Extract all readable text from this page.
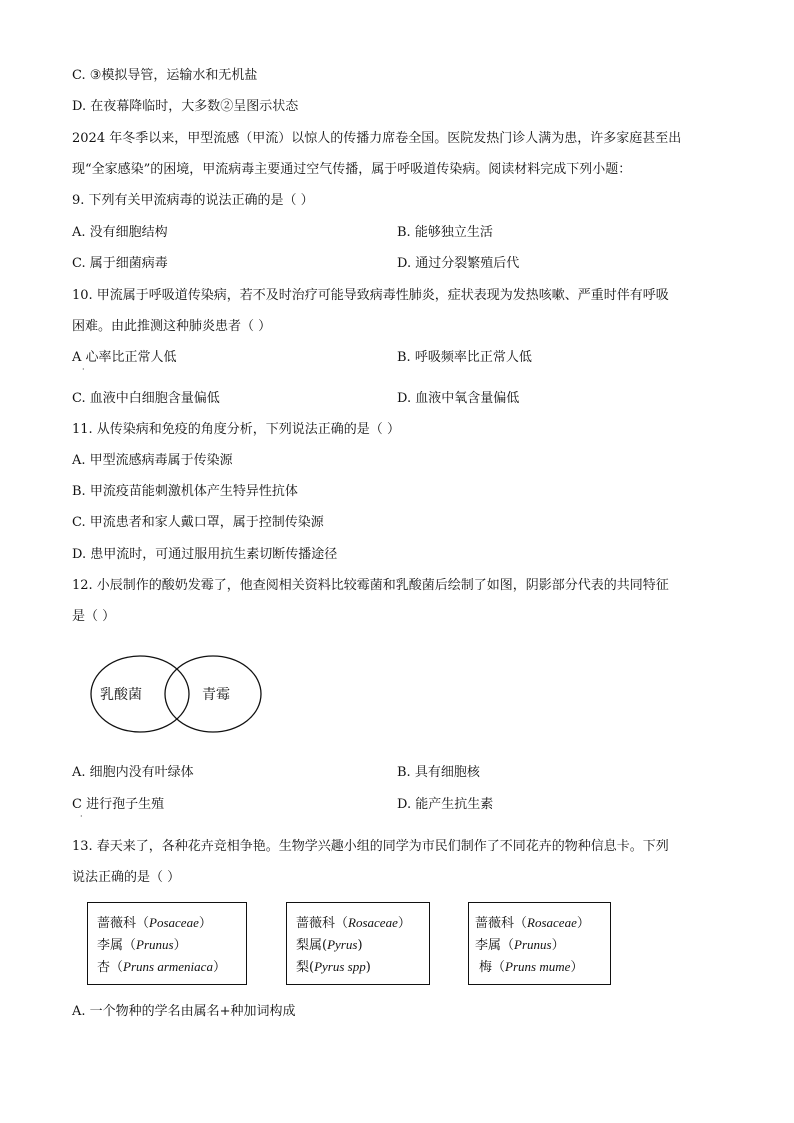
C. ③模拟导管，运输水和无机盐
D. 在夜幕降临时，大多数②呈图示状态
2024 年冬季以来，甲型流感（甲流）以惊人的传播力席卷全国。医院发热门诊人满为患，许多家庭甚至出
现“全家感染”的困境，甲流病毒主要通过空气传播，属于呼吸道传染病。阅读材料完成下列小题：
9. 下列有关甲流病毒的说法正确的是（ ）
A. 没有细胞结构	B. 能够独立生活
C. 属于细菌病毒	D. 通过分裂繁殖后代
10. 甲流属于呼吸道传染病，若不及时治疗可能导致病毒性肺炎，症状表现为发热咳嗽、严重时伴有呼吸
困难。由此推测这种肺炎患者（ ）
A 心率比正常人低
·
B. 呼吸频率比正常人低
C. 血液中白细胞含量偏低	D. 血液中氧含量偏低
11. 从传染病和免疫的角度分析，下列说法正确的是（ ）
A. 甲型流感病毒属于传染源
B. 甲流疫苗能刺激机体产生特异性抗体
C. 甲流患者和家人戴口罩，属于控制传染源
D. 患甲流时，可通过服用抗生素切断传播途径
12. 小辰制作的酸奶发霉了，他查阅相关资料比较霉菌和乳酸菌后绘制了如图，阴影部分代表的共同特征
是（ ）
乳酸菌	青霉
A. 细胞内没有叶绿体	B. 具有细胞核
C 进行孢子生殖
·
D. 能产生抗生素
13. 春天来了，各种花卉竞相争艳。生物学兴趣小组的同学为市民们制作了不同花卉的物种信息卡。下列
说法正确的是（ ）
蔷薇科（Posaceae）
李属（Prunus）
杏（Pruns armeniaca）
蔷薇科（Rosaceae）
梨属(Pyrus)
梨(Pyrus spp)
蔷薇科（Rosaceae）
李属（Prunus）
梅（Pruns mume）
A. 一个物种的学名由属名+种加词构成
